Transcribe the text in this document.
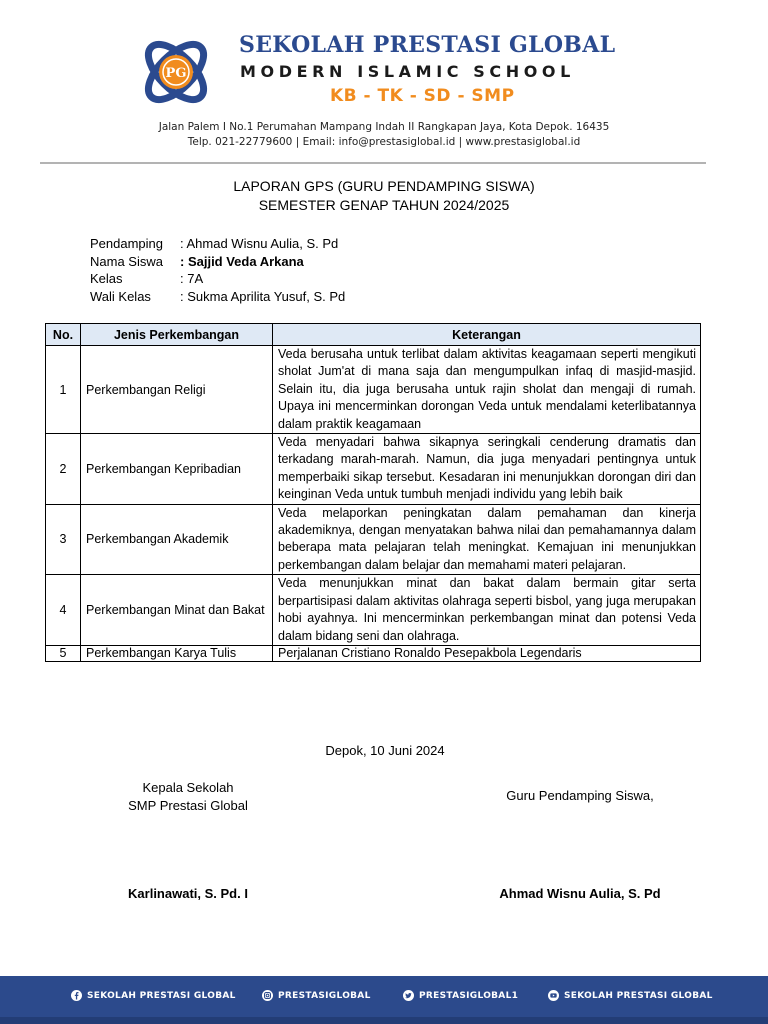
PG
SEKOLAH PRESTASI GLOBAL
MODERN ISLAMIC SCHOOL
KB - TK - SD - SMP
Jalan Palem I No.1 Perumahan Mampang Indah II Rangkapan Jaya, Kota Depok. 16435
Telp. 021-22779600 | Email: info@prestasiglobal.id | www.prestasiglobal.id
LAPORAN GPS (GURU PENDAMPING SISWA)
SEMESTER GENAP TAHUN 2024/2025
Pendamping	: Ahmad Wisnu Aulia, S. Pd
Nama Siswa	: Sajjid Veda Arkana
Kelas	: 7A
Wali Kelas	: Sukma Aprilita Yusuf, S. Pd
No.	Jenis Perkembangan	Keterangan
1	Perkembangan Religi	Veda berusaha untuk terlibat dalam aktivitas keagamaan seperti mengikuti sholat Jum'at di mana saja dan mengumpulkan infaq di masjid-masjid. Selain itu, dia juga berusaha untuk rajin sholat dan mengaji di rumah. Upaya ini mencerminkan dorongan Veda untuk mendalami keterlibatannya dalam praktik keagamaan
2	Perkembangan Kepribadian	Veda menyadari bahwa sikapnya seringkali cenderung dramatis dan terkadang marah-marah. Namun, dia juga menyadari pentingnya untuk memperbaiki sikap tersebut. Kesadaran ini menunjukkan dorongan diri dan keinginan Veda untuk tumbuh menjadi individu yang lebih baik
3	Perkembangan Akademik	Veda melaporkan peningkatan dalam pemahaman dan kinerja akademiknya, dengan menyatakan bahwa nilai dan pemahamannya dalam beberapa mata pelajaran telah meningkat. Kemajuan ini menunjukkan perkembangan dalam belajar dan memahami materi pelajaran.
4	Perkembangan Minat dan Bakat	Veda menunjukkan minat dan bakat dalam bermain gitar serta berpartisipasi dalam aktivitas olahraga seperti bisbol, yang juga merupakan hobi ayahnya. Ini mencerminkan perkembangan minat dan potensi Veda dalam bidang seni dan olahraga.
5	Perkembangan Karya Tulis	Perjalanan Cristiano Ronaldo Pesepakbola Legendaris
Depok, 10 Juni 2024
Kepala Sekolah
SMP Prestasi Global
Guru Pendamping Siswa,
Karlinawati, S. Pd. I	Ahmad Wisnu Aulia, S. Pd
SEKOLAH PRESTASI GLOBAL	PRESTASIGLOBAL	PRESTASIGLOBAL1	SEKOLAH PRESTASI GLOBAL
